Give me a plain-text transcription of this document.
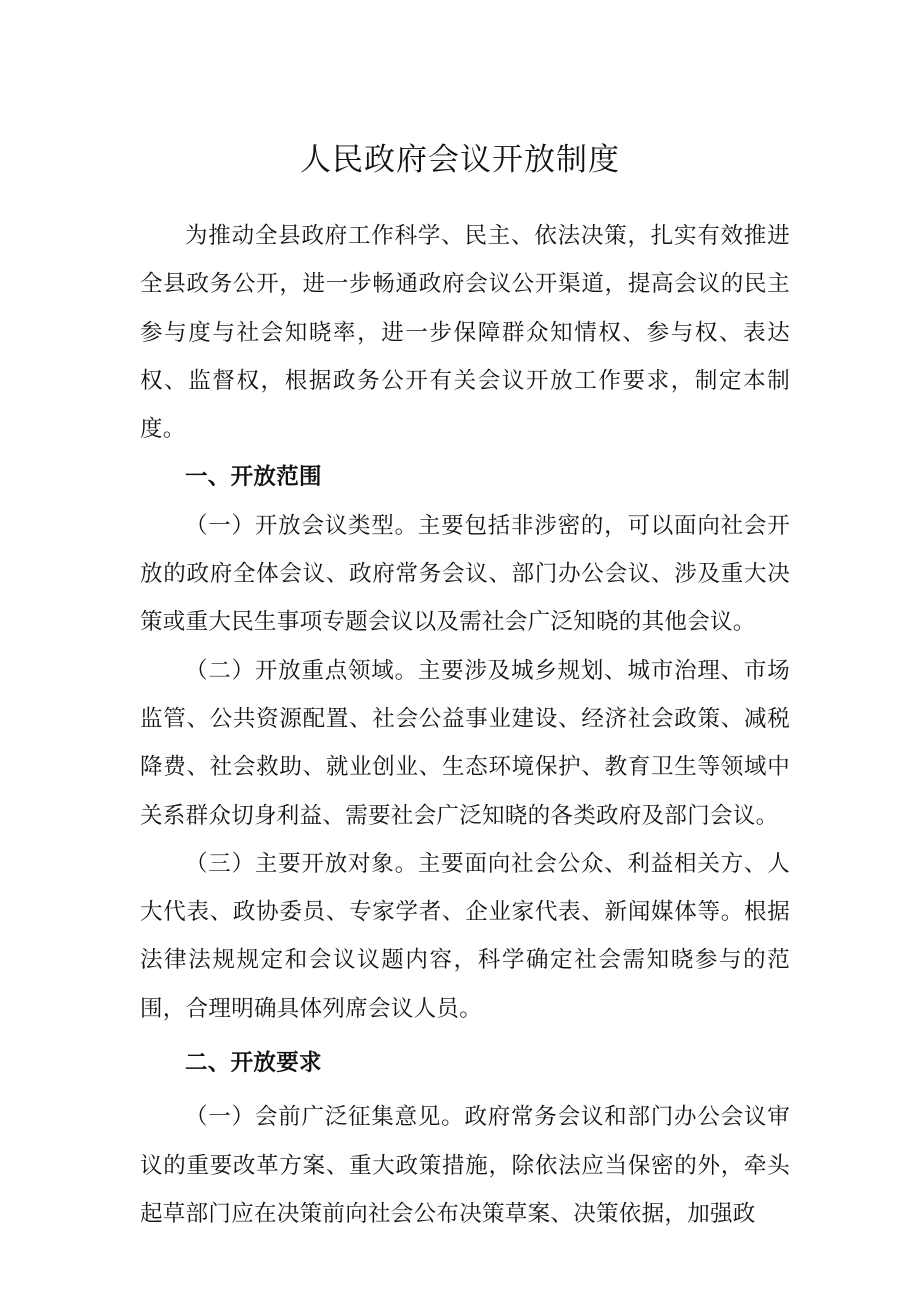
人民政府会议开放制度

为推动全县政府工作科学、民主、依法决策，扎实有效推进全县政务公开，进一步畅通政府会议公开渠道，提高会议的民主参与度与社会知晓率，进一步保障群众知情权、参与权、表达权、监督权，根据政务公开有关会议开放工作要求，制定本制度。

一、开放范围

（一）开放会议类型。主要包括非涉密的，可以面向社会开放的政府全体会议、政府常务会议、部门办公会议、涉及重大决策或重大民生事项专题会议以及需社会广泛知晓的其他会议。

（二）开放重点领域。主要涉及城乡规划、城市治理、市场监管、公共资源配置、社会公益事业建设、经济社会政策、减税降费、社会救助、就业创业、生态环境保护、教育卫生等领域中关系群众切身利益、需要社会广泛知晓的各类政府及部门会议。

（三）主要开放对象。主要面向社会公众、利益相关方、人大代表、政协委员、专家学者、企业家代表、新闻媒体等。根据法律法规规定和会议议题内容，科学确定社会需知晓参与的范围，合理明确具体列席会议人员。

二、开放要求

（一）会前广泛征集意见。政府常务会议和部门办公会议审议的重要改革方案、重大政策措施，除依法应当保密的外，牵头起草部门应在决策前向社会公布决策草案、决策依据，加强政
